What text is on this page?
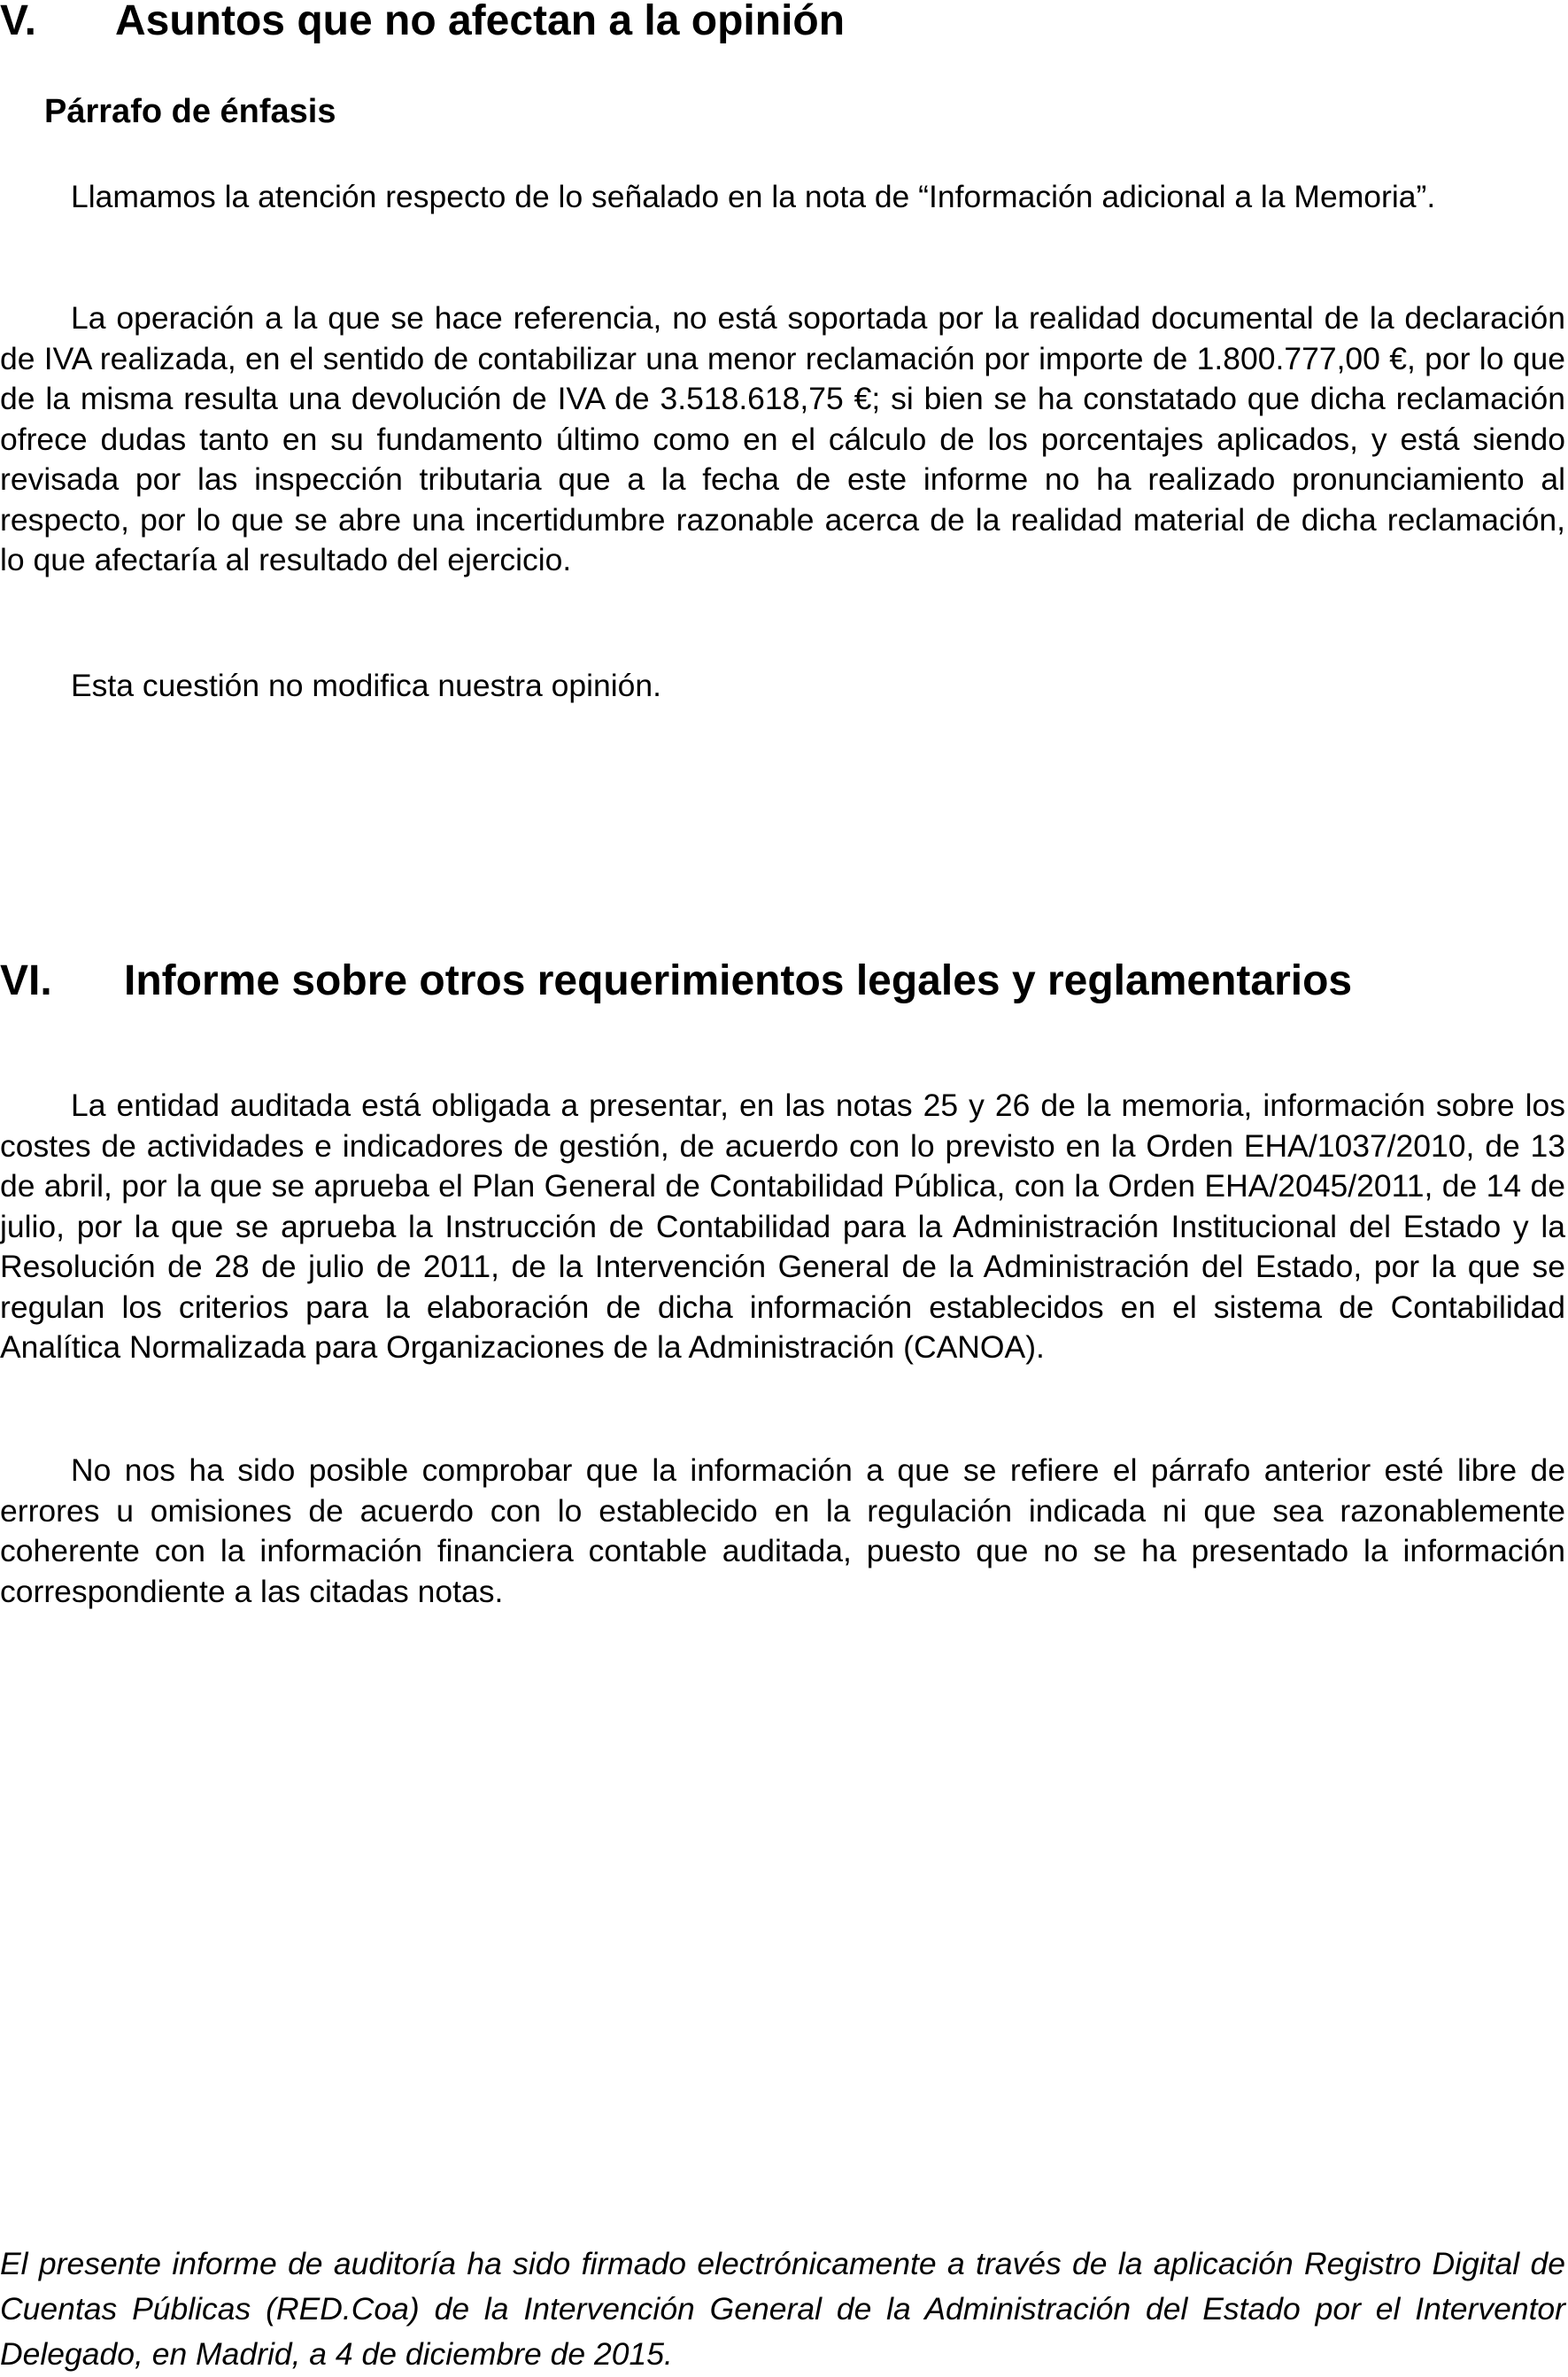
V. Asuntos que no afectan a la opinión
Párrafo de énfasis

Llamamos la atención respecto de lo señalado en la nota de “Información adicional a la Memoria”.

La operación a la que se hace referencia, no está soportada por la realidad documental de la declaración de IVA realizada, en el sentido de contabilizar una menor reclamación por importe de 1.800.777,00 €, por lo que de la misma resulta una devolución de IVA de 3.518.618,75 €; si bien se ha constatado que dicha reclamación ofrece dudas tanto en su fundamento último como en el cálculo de los porcentajes aplicados, y está siendo revisada por las inspección tributaria que a la fecha de este informe no ha realizado pronunciamiento al respecto, por lo que se abre una incertidumbre razonable acerca de la realidad material de dicha reclamación, lo que afectaría al resultado del ejercicio.

Esta cuestión no modifica nuestra opinión.

VI. Informe sobre otros requerimientos legales y reglamentarios

La entidad auditada está obligada a presentar, en las notas 25 y 26 de la memoria, información sobre los costes de actividades e indicadores de gestión, de acuerdo con lo previsto en la Orden EHA/1037/2010, de 13 de abril, por la que se aprueba el Plan General de Contabilidad Pública, con la Orden EHA/2045/2011, de 14 de julio, por la que se aprueba la Instrucción de Contabilidad para la Administración Institucional del Estado y la Resolución de 28 de julio de 2011, de la Intervención General de la Administración del Estado, por la que se regulan los criterios para la elaboración de dicha información establecidos en el sistema de Contabilidad Analítica Normalizada para Organizaciones de la Administración (CANOA).

No nos ha sido posible comprobar que la información a que se refiere el párrafo anterior esté libre de errores u omisiones de acuerdo con lo establecido en la regulación indicada ni que sea razonablemente coherente con la información financiera contable auditada, puesto que no se ha presentado la información correspondiente a las citadas notas.

El presente informe de auditoría ha sido firmado electrónicamente a través de la aplicación Registro Digital de Cuentas Públicas (RED.Coa) de la Intervención General de la Administración del Estado por el Interventor Delegado, en Madrid, a 4 de diciembre de 2015.
